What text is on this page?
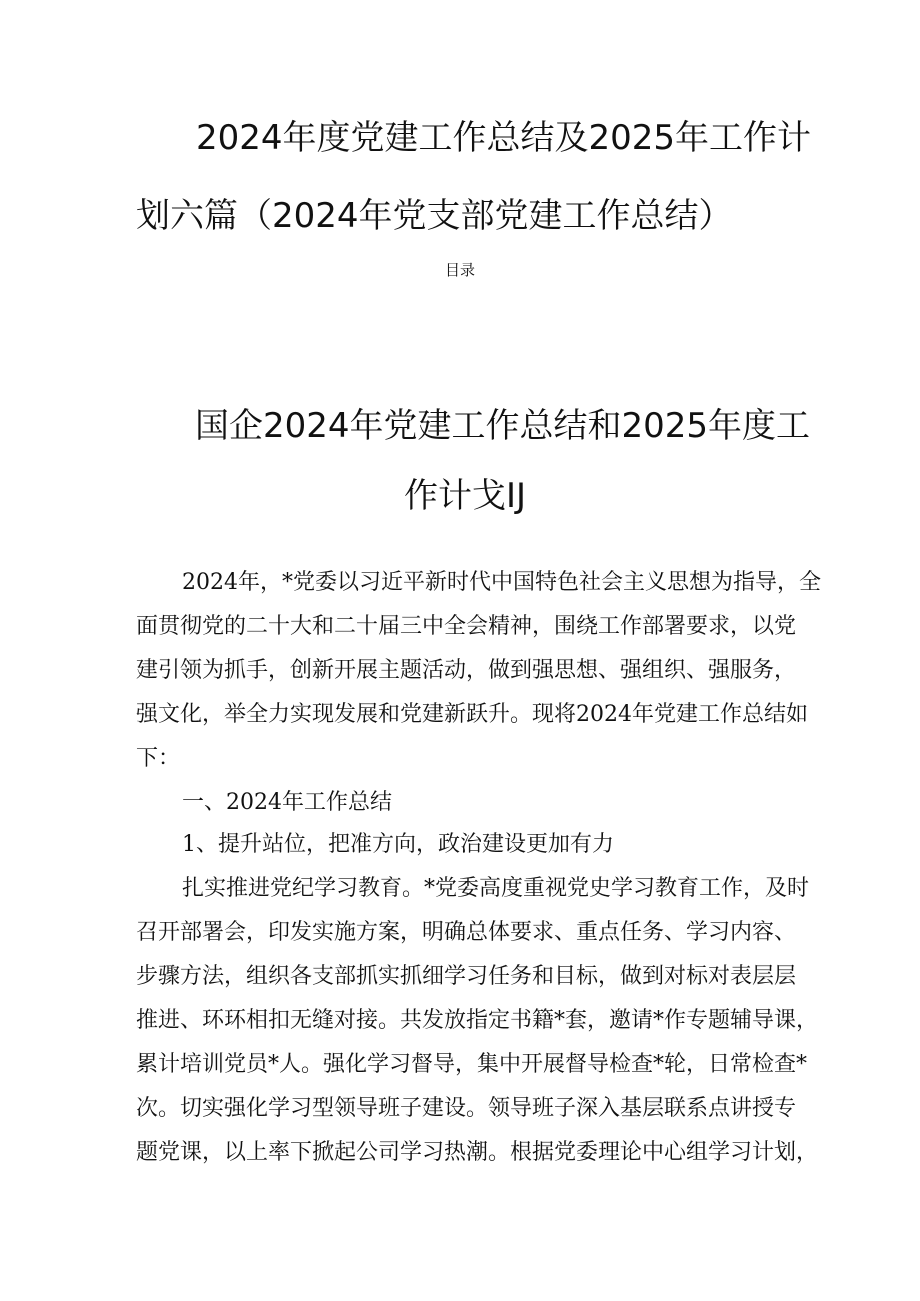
2024年度党建工作总结及2025年工作计
划六篇（2024年党支部党建工作总结）
目录
国企2024年党建工作总结和2025年度工
作计戈IJ
2024年，*党委以习近平新时代中国特色社会主义思想为指导，全
面贯彻党的二十大和二十届三中全会精神，围绕工作部署要求，以党
建引领为抓手，创新开展主题活动，做到强思想、强组织、强服务，
强文化，举全力实现发展和党建新跃升。现将2024年党建工作总结如
下：
一、2024年工作总结
1、提升站位，把准方向，政治建设更加有力
扎实推进党纪学习教育。*党委高度重视党史学习教育工作，及时
召开部署会，印发实施方案，明确总体要求、重点任务、学习内容、
步骤方法，组织各支部抓实抓细学习任务和目标，做到对标对表层层
推进、环环相扣无缝对接。共发放指定书籍*套，邀请*作专题辅导课，
累计培训党员*人。强化学习督导，集中开展督导检查*轮，日常检查*
次。切实强化学习型领导班子建设。领导班子深入基层联系点讲授专
题党课，以上率下掀起公司学习热潮。根据党委理论中心组学习计划，
